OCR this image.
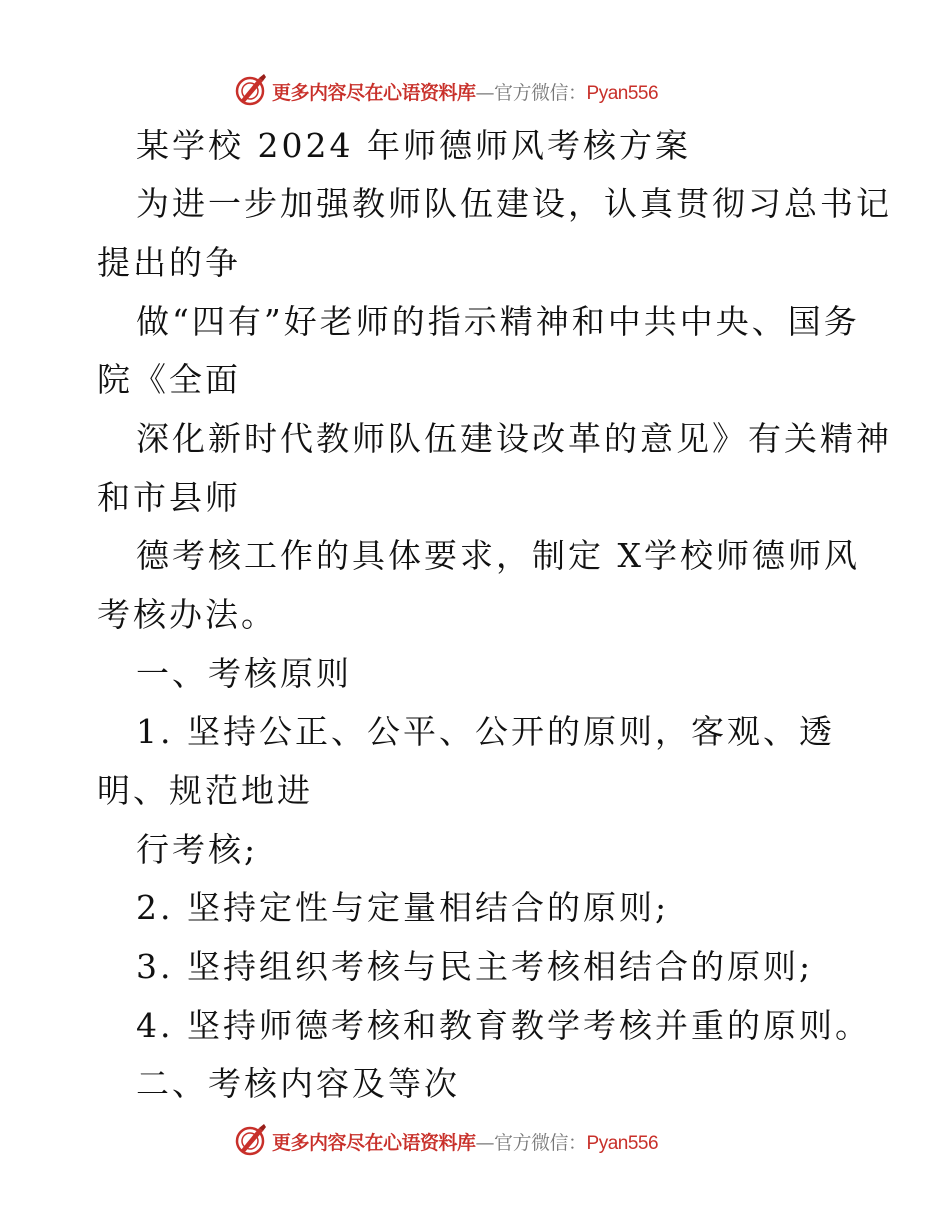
更多内容尽在心语资料库—官方微信：Pyan556
某学校 2024 年师德师风考核方案
为进一步加强教师队伍建设，认真贯彻习总书记
提出的争
做“四有”好老师的指示精神和中共中央、国务
院《全面
深化新时代教师队伍建设改革的意见》有关精神
和市县师
德考核工作的具体要求，制定 X学校师德师风
考核办法。
一、考核原则
1. 坚持公正、公平、公开的原则，客观、透
明、规范地进
行考核;
2. 坚持定性与定量相结合的原则;
3. 坚持组织考核与民主考核相结合的原则;
4. 坚持师德考核和教育教学考核并重的原则。
二、考核内容及等次
更多内容尽在心语资料库—官方微信：Pyan556
